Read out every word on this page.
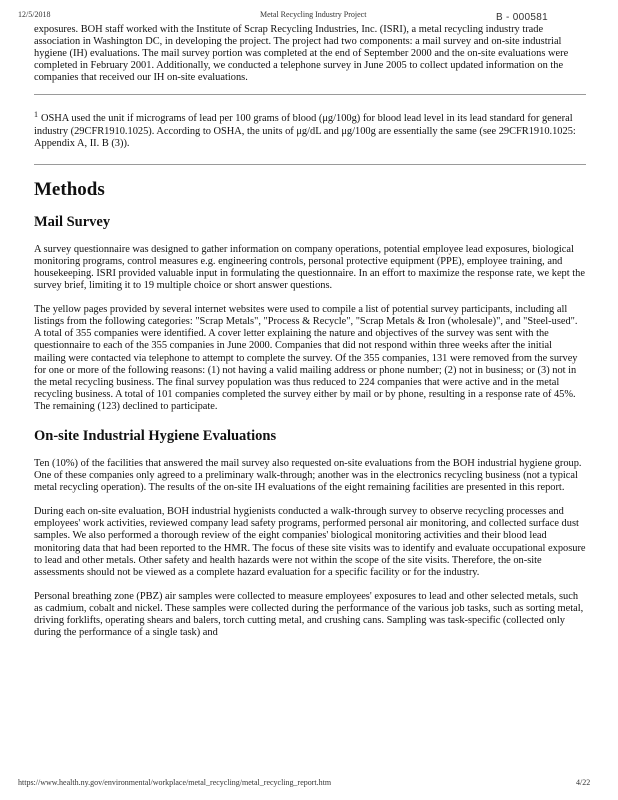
12/5/2018	Metal Recycling Industry Project	B - 000581

exposures. BOH staff worked with the Institute of Scrap Recycling Industries, Inc. (ISRI), a metal recycling industry trade association in Washington DC, in developing the project. The project had two components: a mail survey and on-site industrial hygiene (IH) evaluations. The mail survey portion was completed at the end of September 2000 and the on-site evaluations were completed in February 2001. Additionally, we conducted a telephone survey in June 2005 to collect updated information on the companies that received our IH on-site evaluations.

$^1$ OSHA used the unit if micrograms of lead per 100 grams of blood (μg/100g) for blood lead level in its lead standard for general industry (29CFR1910.1025). According to OSHA, the units of μg/dL and μg/100g are essentially the same (see 29CFR1910.1025: Appendix A, II. B (3)).

Methods
Mail Survey

A survey questionnaire was designed to gather information on company operations, potential employee lead exposures, biological monitoring programs, control measures e.g. engineering controls, personal protective equipment (PPE), employee training, and housekeeping. ISRI provided valuable input in formulating the questionnaire. In an effort to maximize the response rate, we kept the survey brief, limiting it to 19 multiple choice or short answer questions.

The yellow pages provided by several internet websites were used to compile a list of potential survey participants, including all listings from the following categories: "Scrap Metals", "Process & Recycle", "Scrap Metals & Iron (wholesale)", and "Steel-used". A total of 355 companies were identified. A cover letter explaining the nature and objectives of the survey was sent with the questionnaire to each of the 355 companies in June 2000. Companies that did not respond within three weeks after the initial mailing were contacted via telephone to attempt to complete the survey. Of the 355 companies, 131 were removed from the survey for one or more of the following reasons: (1) not having a valid mailing address or phone number; (2) not in business; or (3) not in the metal recycling business. The final survey population was thus reduced to 224 companies that were active and in the metal recycling business. A total of 101 companies completed the survey either by mail or by phone, resulting in a response rate of 45%. The remaining (123) declined to participate.

On-site Industrial Hygiene Evaluations

Ten (10%) of the facilities that answered the mail survey also requested on-site evaluations from the BOH industrial hygiene group. One of these companies only agreed to a preliminary walk-through; another was in the electronics recycling business (not a typical metal recycling operation). The results of the on-site IH evaluations of the eight remaining facilities are presented in this report.

During each on-site evaluation, BOH industrial hygienists conducted a walk-through survey to observe recycling processes and employees' work activities, reviewed company lead safety programs, performed personal air monitoring, and collected surface dust samples. We also performed a thorough review of the eight companies' biological monitoring activities and their blood lead monitoring data that had been reported to the HMR. The focus of these site visits was to identify and evaluate occupational exposure to lead and other metals. Other safety and health hazards were not within the scope of the site visits. Therefore, the on-site assessments should not be viewed as a complete hazard evaluation for a specific facility or for the industry.

Personal breathing zone (PBZ) air samples were collected to measure employees' exposures to lead and other selected metals, such as cadmium, cobalt and nickel. These samples were collected during the performance of the various job tasks, such as sorting metal, driving forklifts, operating shears and balers, torch cutting metal, and crushing cans. Sampling was task-specific (collected only during the performance of a single task) and

https://www.health.ny.gov/environmental/workplace/metal_recycling/metal_recycling_report.htm	4/22
